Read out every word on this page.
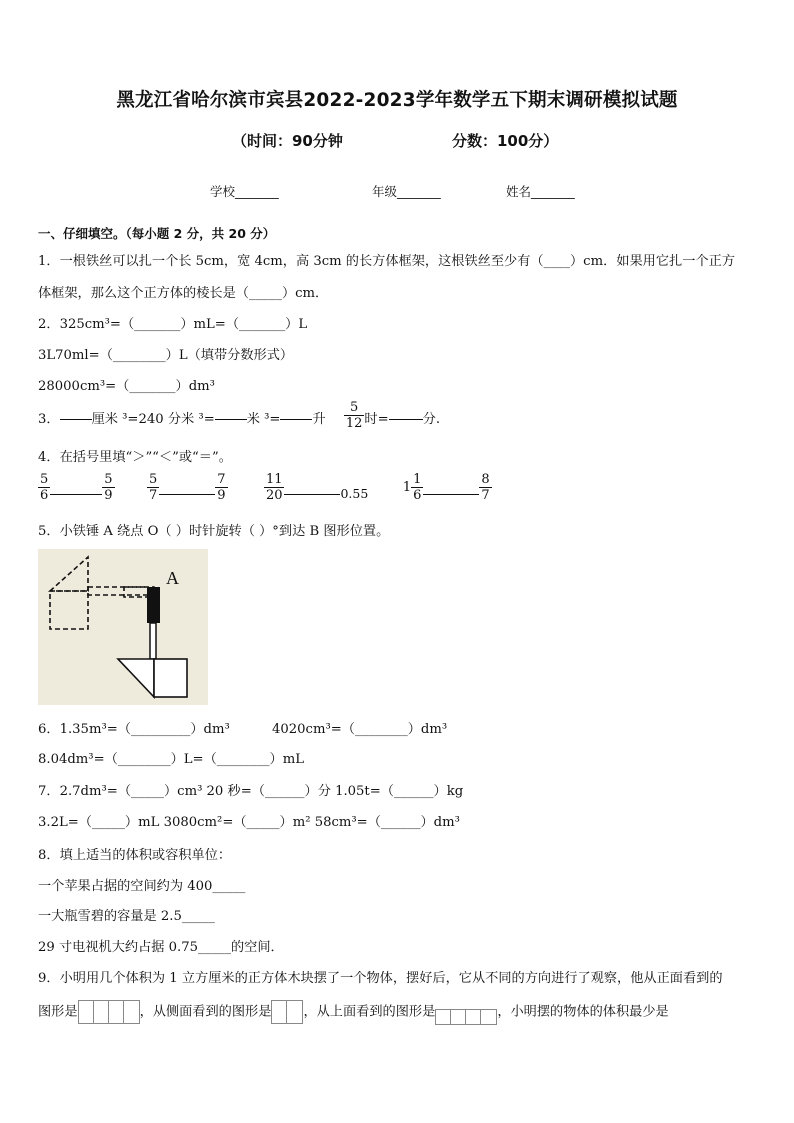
黑龙江省哈尔滨市宾县2022-2023学年数学五下期末调研模拟试题
（时间：90分钟	分数：100分）
学校_______	年级_______	姓名_______
一、仔细填空。（每小题 2 分，共 20 分）
1．一根铁丝可以扎一个长 5cm，宽 4cm，高 3cm 的长方体框架，这根铁丝至少有（____）cm．如果用它扎一个正方
体框架，那么这个正方体的棱长是（_____）cm．
2．325cm³=（_______）mL=（_______）L
3L70ml=（________）L（填带分数形式）
28000cm³=（_______）dm³
3． 厘米 ³=240 分米 ³= 米 ³= 升 $\frac{5}{12}$ 时=	分.
4．在括号里填“＞”“＜”或“＝”。
$\frac{5}{6}$	$\frac{5}{9}$
$\frac{5}{7}$	$\frac{7}{9}$
	$\frac{11}{20}$	0.55	$1 \frac{1}{6}$	$\frac{8}{7}$
5．小铁锤 A 绕点 O（ ）时针旋转（ ）°到达 B 图形位置。
A
6．1.35m³=（_________）dm³	4020cm³=（________）dm³
8.04dm³=（________）L=（________）mL
7．2.7dm³=（_____）cm³ 20 秒=（______）分 1.05t=（______）kg
3.2L=（_____）mL 3080cm²=（_____）m² 58cm³=（______）dm³
8．填上适当的体积或容积单位：
一个苹果占据的空间约为 400_____
一大瓶雪碧的容量是 2.5_____
29 寸电视机大约占据 0.75_____的空间．
9．小明用几个体积为 1 立方厘米的正方体木块摆了一个物体，摆好后，它从不同的方向进行了观察，他从正面看到的
图形是	，从侧面看到的图形是 ，从上面看到的图形是	，小明摆的物体的体积最少是
